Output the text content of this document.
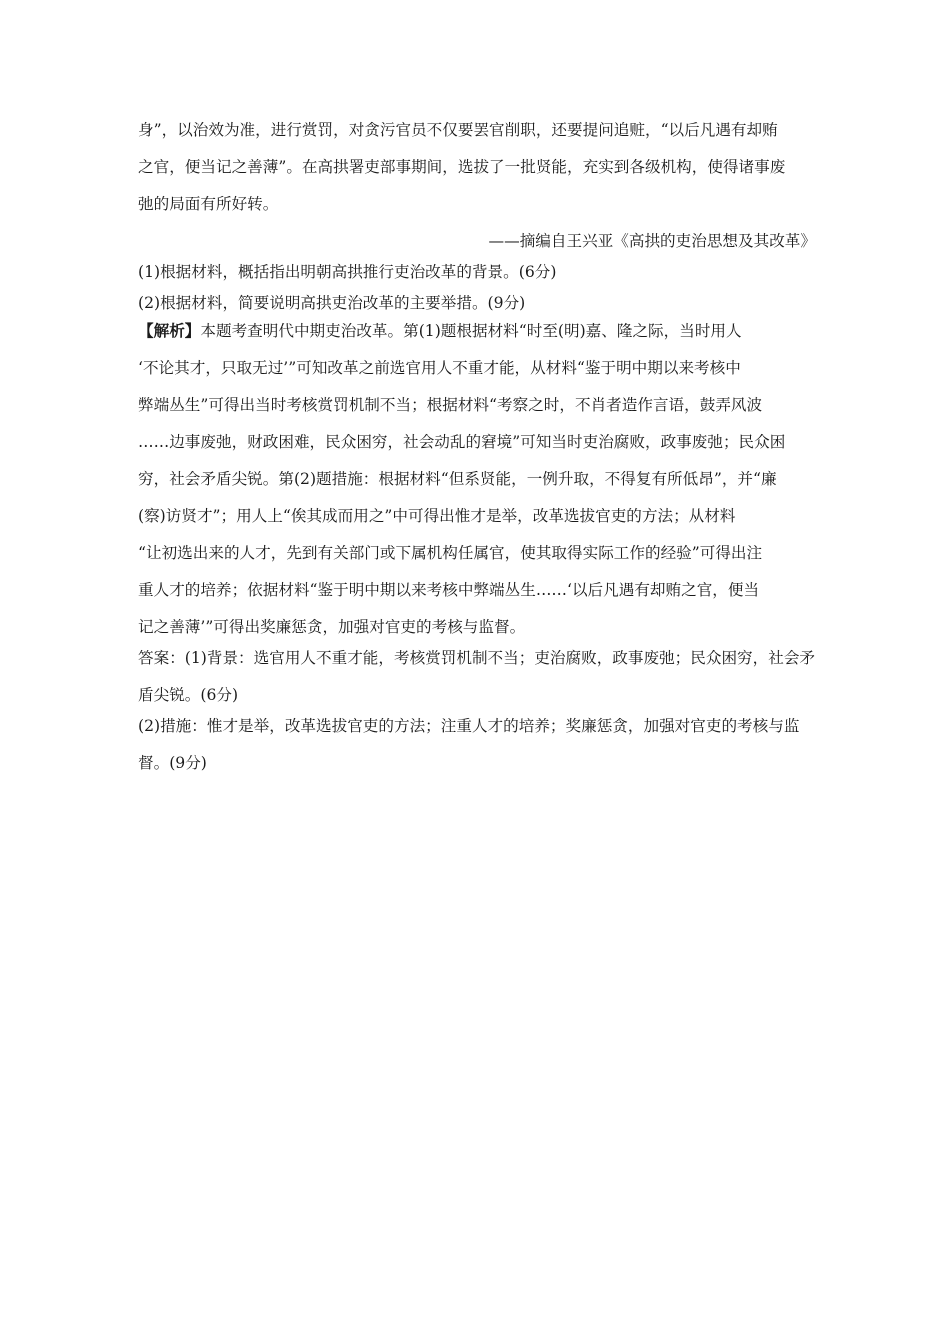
身”，以治效为准，进行赏罚，对贪污官员不仅要罢官削职，还要提问追赃，“以后凡遇有却贿

之官，便当记之善薄”。在高拱署吏部事期间，选拔了一批贤能，充实到各级机构，使得诸事废

弛的局面有所好转。

——摘编自王兴亚《高拱的吏治思想及其改革》

(1)根据材料，概括指出明朝高拱推行吏治改革的背景。(6分)

(2)根据材料，简要说明高拱吏治改革的主要举措。(9分)

【解析】本题考查明代中期吏治改革。第(1)题根据材料“时至(明)嘉、隆之际，当时用人

‘不论其才，只取无过’”可知改革之前选官用人不重才能，从材料“鉴于明中期以来考核中

弊端丛生”可得出当时考核赏罚机制不当；根据材料“考察之时，不肖者造作言语，鼓弄风波

……边事废弛，财政困难，民众困穷，社会动乱的窘境”可知当时吏治腐败，政事废弛；民众困

穷，社会矛盾尖锐。第(2)题措施：根据材料“但系贤能，一例升取，不得复有所低昂”，并“廉

(察)访贤才”；用人上“俟其成而用之”中可得出惟才是举，改革选拔官吏的方法；从材料

“让初选出来的人才，先到有关部门或下属机构任属官，使其取得实际工作的经验”可得出注

重人才的培养；依据材料“鉴于明中期以来考核中弊端丛生……‘以后凡遇有却贿之官，便当

记之善薄’”可得出奖廉惩贪，加强对官吏的考核与监督。

答案：(1)背景：选官用人不重才能，考核赏罚机制不当；吏治腐败，政事废弛；民众困穷，社会矛

盾尖锐。(6分)

(2)措施：惟才是举，改革选拔官吏的方法；注重人才的培养；奖廉惩贪，加强对官吏的考核与监

督。(9分)
